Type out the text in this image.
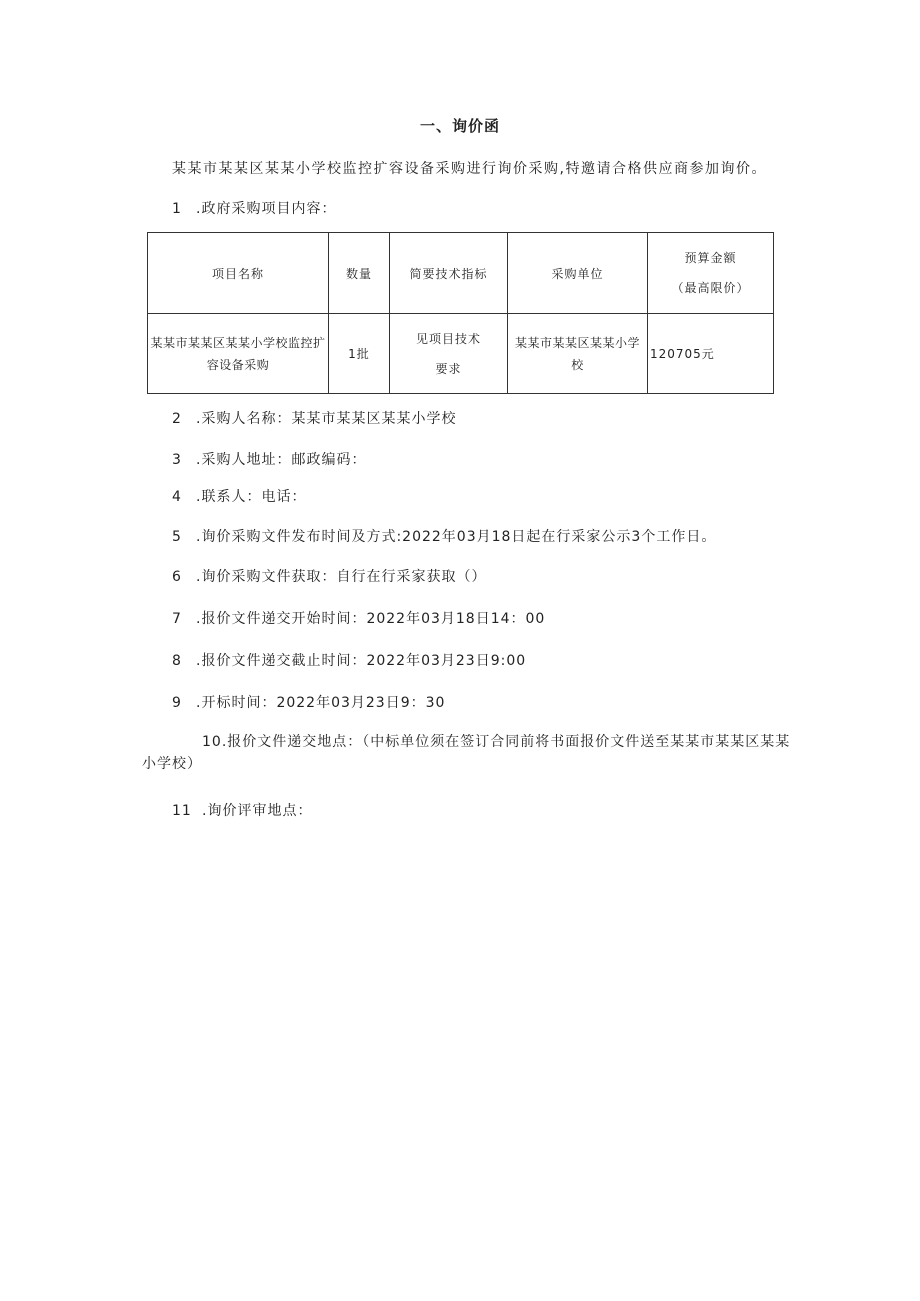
一、询价函
某某市某某区某某小学校监控扩容设备采购进行询价采购,特邀请合格供应商参加询价。
1 .政府采购项目内容：
项目名称	数量	简要技术指标	采购单位	预算金额
（最高限价）

某某市某某区某某小学校监控扩容设备采购	1批	见项目技术
要求	某某市某某区某某小学校	120705元
2 .采购人名称：某某市某某区某某小学校
3 .采购人地址：邮政编码：
4 .联系人：电话：
5 .询价采购文件发布时间及方式:2022年03月18日起在行采家公示3个工作日。
6 .询价采购文件获取：自行在行采家获取（）
7 .报价文件递交开始时间：2022年03月18日14：00
8 .报价文件递交截止时间：2022年03月23日9:00
9 .开标时间：2022年03月23日9：30
10.报价文件递交地点：（中标单位须在签订合同前将书面报价文件送至某某市某某区某某小学校）
11 .询价评审地点：
